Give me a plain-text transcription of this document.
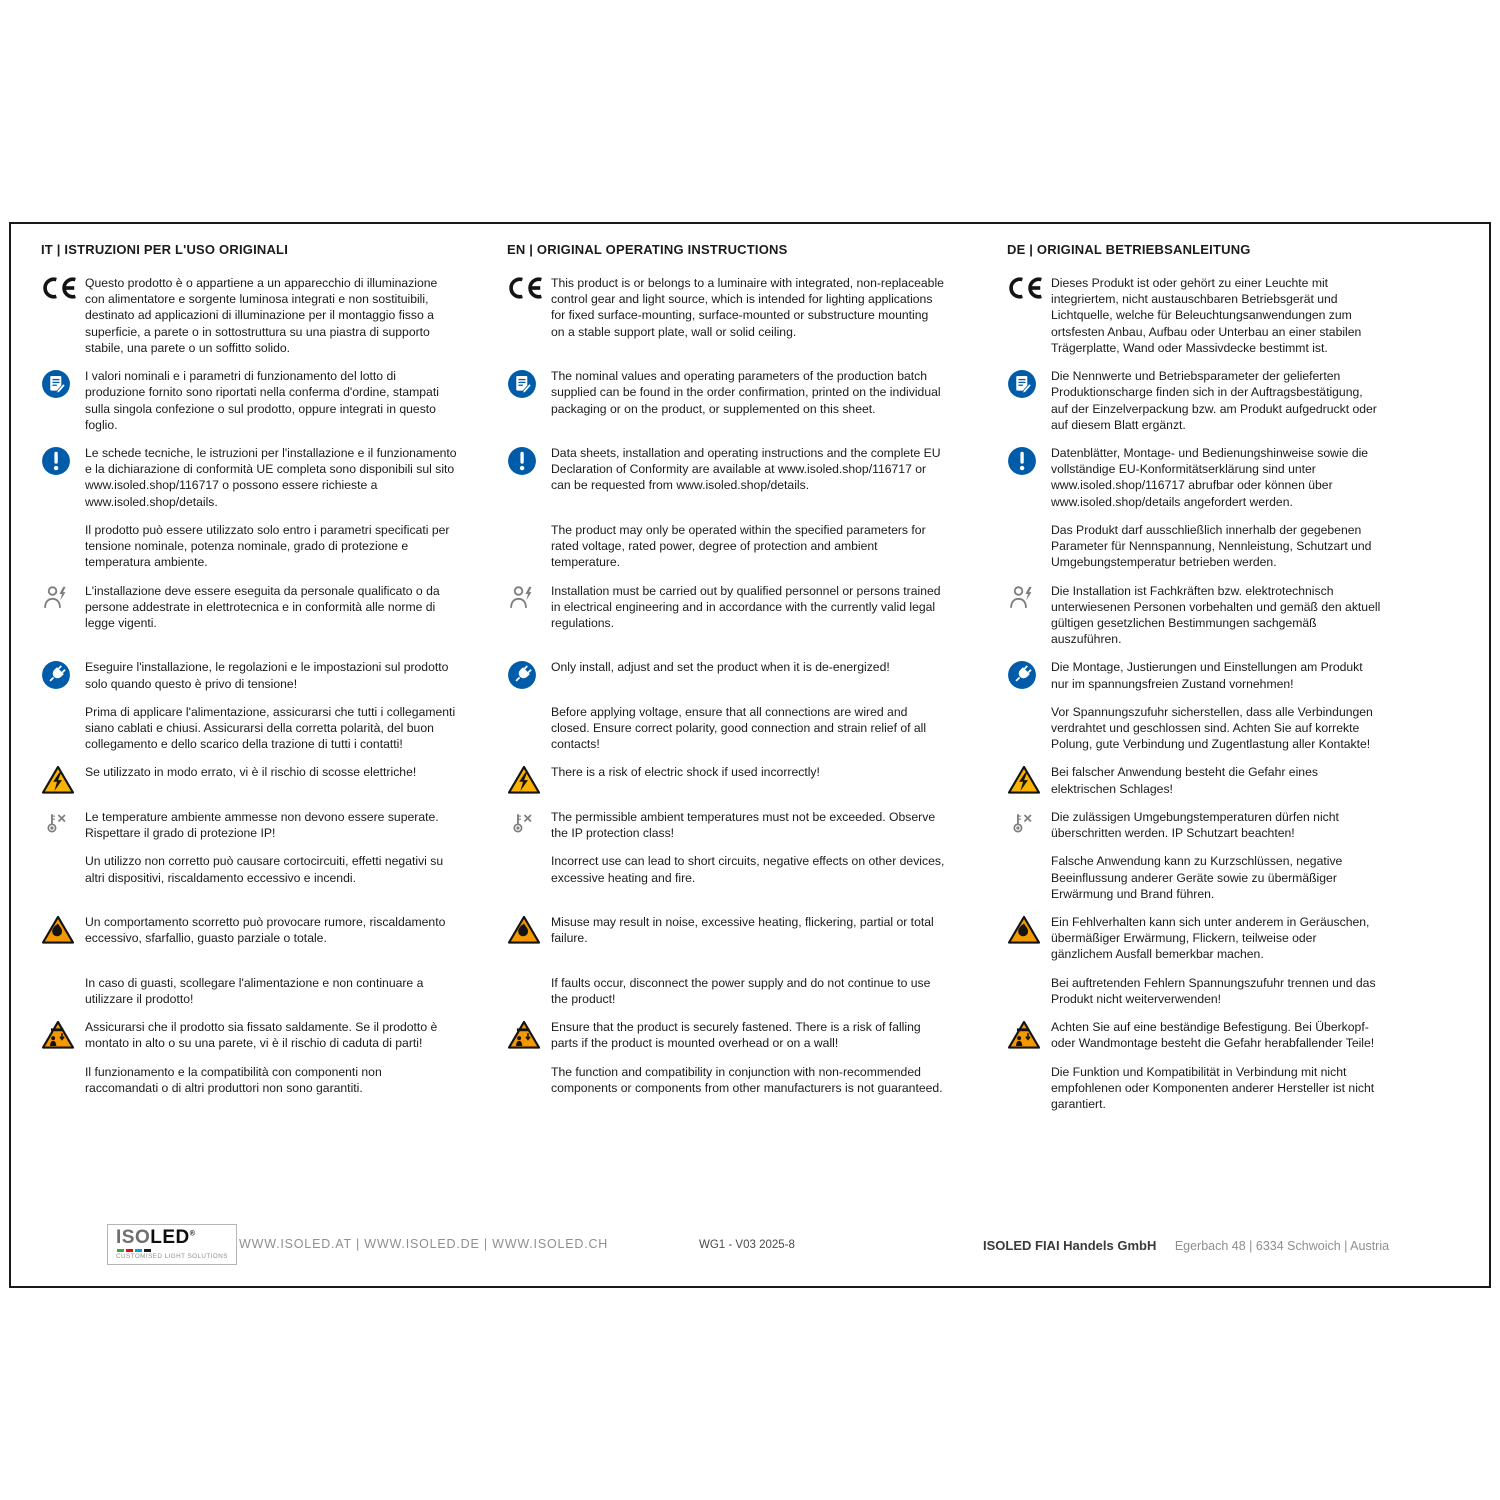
IT | ISTRUZIONI PER L'USO ORIGINALI
Questo prodotto è o appartiene a un apparecchio di illuminazione con alimentatore e sorgente luminosa integrati e non sostituibili, destinato ad applicazioni di illuminazione per il montaggio fisso a superficie, a parete o in sottostruttura su una piastra di supporto stabile, una parete o un soffitto solido.
I valori nominali e i parametri di funzionamento del lotto di produzione fornito sono riportati nella conferma d'ordine, stampati sulla singola confezione o sul prodotto, oppure integrati in questo foglio.
Le schede tecniche, le istruzioni per l'installazione e il funzionamento e la dichiarazione di conformità UE completa sono disponibili sul sito www.isoled.shop/116717 o possono essere richieste a www.isoled.shop/details.
Il prodotto può essere utilizzato solo entro i parametri specificati per tensione nominale, potenza nominale, grado di protezione e temperatura ambiente.
L'installazione deve essere eseguita da personale qualificato o da persone addestrate in elettrotecnica e in conformità alle norme di legge vigenti.
Eseguire l'installazione, le regolazioni e le impostazioni sul prodotto solo quando questo è privo di tensione!
Prima di applicare l'alimentazione, assicurarsi che tutti i collegamenti siano cablati e chiusi. Assicurarsi della corretta polarità, del buon collegamento e dello scarico della trazione di tutti i contatti!
Se utilizzato in modo errato, vi è il rischio di scosse elettriche!
Le temperature ambiente ammesse non devono essere superate. Rispettare il grado di protezione IP!
Un utilizzo non corretto può causare cortocircuiti, effetti negativi su altri dispositivi, riscaldamento eccessivo e incendi.
Un comportamento scorretto può provocare rumore, riscaldamento eccessivo, sfarfallio, guasto parziale o totale.
In caso di guasti, scollegare l'alimentazione e non continuare a utilizzare il prodotto!
Assicurarsi che il prodotto sia fissato saldamente. Se il prodotto è montato in alto o su una parete, vi è il rischio di caduta di parti!
Il funzionamento e la compatibilità con componenti non raccomandati o di altri produttori non sono garantiti.
EN | ORIGINAL OPERATING INSTRUCTIONS
This product is or belongs to a luminaire with integrated, non-replaceable control gear and light source, which is intended for lighting applications for fixed surface-mounting, surface-mounted or substructure mounting on a stable support plate, wall or solid ceiling.
The nominal values and operating parameters of the production batch supplied can be found in the order confirmation, printed on the individual packaging or on the product, or supplemented on this sheet.
Data sheets, installation and operating instructions and the complete EU Declaration of Conformity are available at www.isoled.shop/116717 or can be requested from www.isoled.shop/details.
The product may only be operated within the specified parameters for rated voltage, rated power, degree of protection and ambient temperature.
Installation must be carried out by qualified personnel or persons trained in electrical engineering and in accordance with the currently valid legal regulations.
Only install, adjust and set the product when it is de-energized!
Before applying voltage, ensure that all connections are wired and closed. Ensure correct polarity, good connection and strain relief of all contacts!
There is a risk of electric shock if used incorrectly!
The permissible ambient temperatures must not be exceeded. Observe the IP protection class!
Incorrect use can lead to short circuits, negative effects on other devices, excessive heating and fire.
Misuse may result in noise, excessive heating, flickering, partial or total failure.
If faults occur, disconnect the power supply and do not continue to use the product!
Ensure that the product is securely fastened. There is a risk of falling parts if the product is mounted overhead or on a wall!
The function and compatibility in conjunction with non-recommended components or components from other manufacturers is not guaranteed.
DE | ORIGINAL BETRIEBSANLEITUNG
Dieses Produkt ist oder gehört zu einer Leuchte mit integriertem, nicht austauschbaren Betriebsgerät und Lichtquelle, welche für Beleuchtungsanwendungen zum ortsfesten Anbau, Aufbau oder Unterbau an einer stabilen Trägerplatte, Wand oder Massivdecke bestimmt ist.
Die Nennwerte und Betriebsparameter der gelieferten Produktionscharge finden sich in der Auftragsbestätigung, auf der Einzelverpackung bzw. am Produkt aufgedruckt oder auf diesem Blatt ergänzt.
Datenblätter, Montage- und Bedienungshinweise sowie die vollständige EU-Konformitätserklärung sind unter www.isoled.shop/116717 abrufbar oder können über www.isoled.shop/details angefordert werden.
Das Produkt darf ausschließlich innerhalb der gegebenen Parameter für Nennspannung, Nennleistung, Schutzart und Umgebungstemperatur betrieben werden.
Die Installation ist Fachkräften bzw. elektrotechnisch unterwiesenen Personen vorbehalten und gemäß den aktuell gültigen gesetzlichen Bestimmungen sachgemäß auszuführen.
Die Montage, Justierungen und Einstellungen am Produkt nur im spannungsfreien Zustand vornehmen!
Vor Spannungszufuhr sicherstellen, dass alle Verbindungen verdrahtet und geschlossen sind. Achten Sie auf korrekte Polung, gute Verbindung und Zugentlastung aller Kontakte!
Bei falscher Anwendung besteht die Gefahr eines elektrischen Schlages!
Die zulässigen Umgebungstemperaturen dürfen nicht überschritten werden. IP Schutzart beachten!
Falsche Anwendung kann zu Kurzschlüssen, negative Beeinflussung anderer Geräte sowie zu übermäßiger Erwärmung und Brand führen.
Ein Fehlverhalten kann sich unter anderem in Geräuschen, übermäßiger Erwärmung, Flickern, teilweise oder gänzlichem Ausfall bemerkbar machen.
Bei auftretenden Fehlern Spannungszufuhr trennen und das Produkt nicht weiterverwenden!
Achten Sie auf eine beständige Befestigung. Bei Überkopf- oder Wandmontage besteht die Gefahr herabfallender Teile!
Die Funktion und Kompatibilität in Verbindung mit nicht empfohlenen oder Komponenten anderer Hersteller ist nicht garantiert.
ISOLED®
CUSTOMISED LIGHT SOLUTIONS
WWW.ISOLED.AT | WWW.ISOLED.DE | WWW.ISOLED.CH	WG1 - V03 2025-8	ISOLED FIAI Handels GmbH Egerbach 48 | 6334 Schwoich | Austria
